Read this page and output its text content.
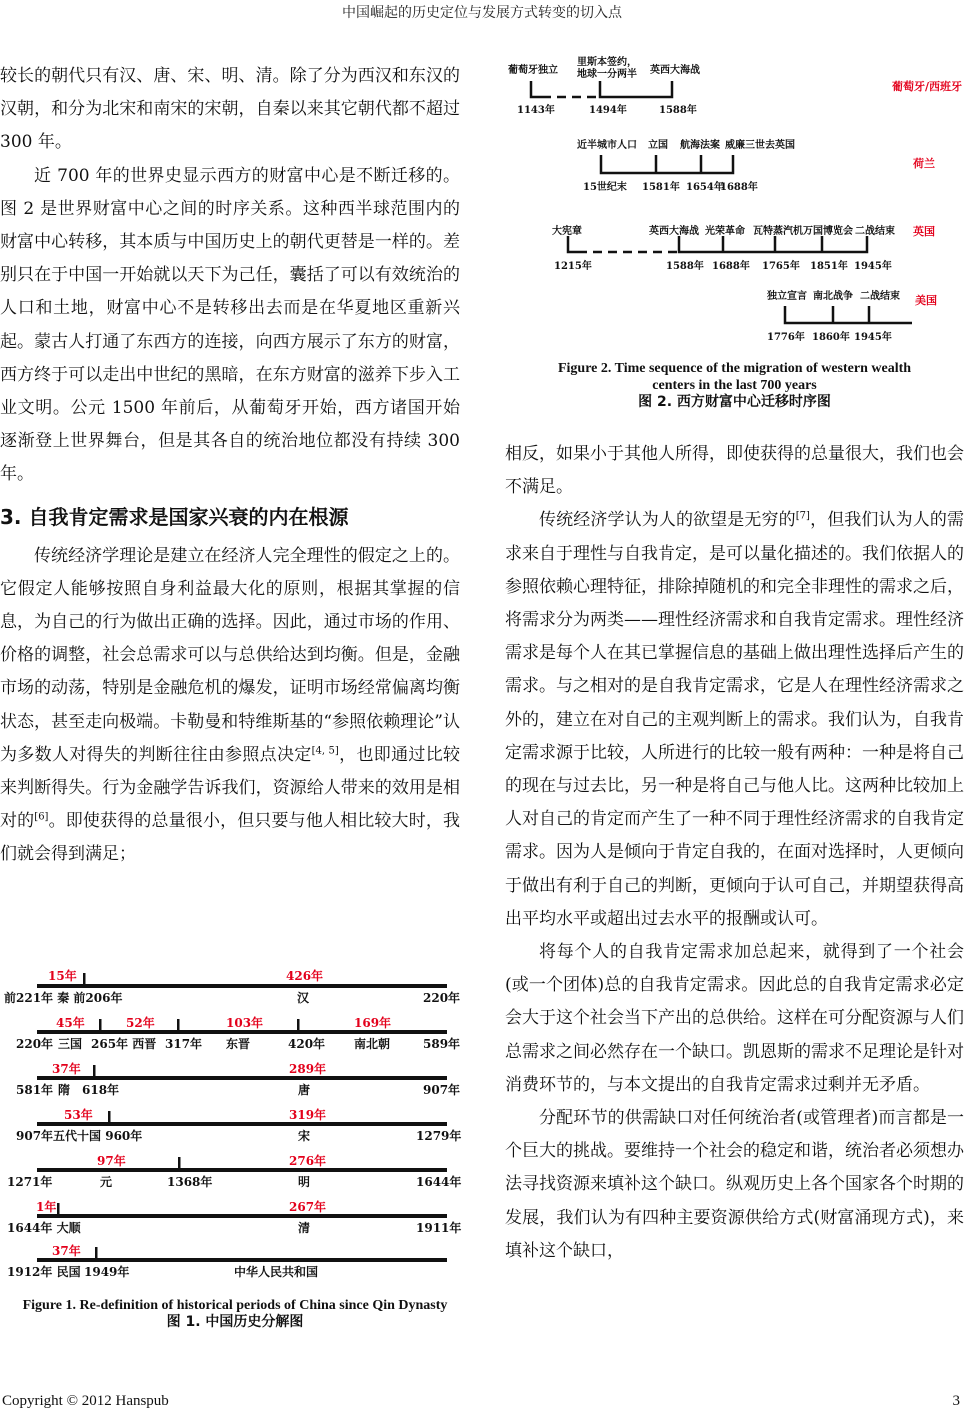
中国崛起的历史定位与发展方式转变的切入点

较长的朝代只有汉、唐、宋、明、清。除了分为西汉和东汉的汉朝，和分为北宋和南宋的宋朝，自秦以来其它朝代都不超过 300 年。

近 700 年的世界史显示西方的财富中心是不断迁移的。图 2 是世界财富中心之间的时序关系。这种西半球范围内的财富中心转移，其本质与中国历史上的朝代更替是一样的。差别只在于中国一开始就以天下为己任，囊括了可以有效统治的人口和土地，财富中心不是转移出去而是在华夏地区重新兴起。蒙古人打通了东西方的连接，向西方展示了东方的财富，西方终于可以走出中世纪的黑暗，在东方财富的滋养下步入工业文明。公元 1500 年前后，从葡萄牙开始，西方诸国开始逐渐登上世界舞台，但是其各自的统治地位都没有持续 300 年。

3. 自我肯定需求是国家兴衰的内在根源

传统经济学理论是建立在经济人完全理性的假定之上的。它假定人能够按照自身利益最大化的原则，根据其掌握的信息，为自己的行为做出正确的选择。因此，通过市场的作用、价格的调整，社会总需求可以与总供给达到均衡。但是，金融市场的动荡，特别是金融危机的爆发，证明市场经常偏离均衡状态，甚至走向极端。卡勒曼和特维斯基的“参照依赖理论”认为多数人对得失的判断往往由参照点决定[4, 5]，也即通过比较来判断得失。行为金融学告诉我们，资源给人带来的效用是相对的[6]。即使获得的总量很小，但只要与他人相比较大时，我们就会得到满足；

15年	426年
前221年 秦 前206年	汉	220年
45年	52年	103年	169年
220年 三国 265年 西晋 317年 东晋	420年 南北朝	589年
37年	289年
581年 隋 618年	唐	907年
53年	319年
907年五代十国 960年	宋	1279年
97年	276年
1271年	元	1368年	明	1644年
1年	267年
1644年 大顺	清	1911年
37年
1912年 民国 1949年	中华人民共和国
Figure 1. Re-definition of historical periods of China since Qin Dynasty
图 1. 中国历史分解图
葡萄牙独立
里斯本签约，
地球一分两半 英西大海战
1143年	1494年	1588年
葡萄牙/西班牙
近半城市人口 立国 航海法案 威廉三世去英国
15世纪末 1581年 1654年
1688年
荷兰
大宪章	英西大海战 光荣革命 瓦特蒸汽机 万国博览会 二战结束
1215年	1588年 1688年 1765年 1851年 1945年
英国
独立宣言 南北战争 二战结束
1776年 1860年 1945年
美国
Figure 2. Time sequence of the migration of western wealth
centers in the last 700 years
图 2. 西方财富中心迁移时序图

相反，如果小于其他人所得，即使获得的总量很大，我们也会不满足。

传统经济学认为人的欲望是无穷的[7]，但我们认为人的需求来自于理性与自我肯定，是可以量化描述的。我们依据人的参照依赖心理特征，排除掉随机的和完全非理性的需求之后，将需求分为两类——理性经济需求和自我肯定需求。理性经济需求是每个人在其已掌握信息的基础上做出理性选择后产生的需求。与之相对的是自我肯定需求，它是人在理性经济需求之外的，建立在对自己的主观判断上的需求。我们认为，自我肯定需求源于比较，人所进行的比较一般有两种：一种是将自己的现在与过去比，另一种是将自己与他人比。这两种比较加上人对自己的肯定而产生了一种不同于理性经济需求的自我肯定需求。因为人是倾向于肯定自我的，在面对选择时，人更倾向于做出有利于自己的判断，更倾向于认可自己，并期望获得高出平均水平或超出过去水平的报酬或认可。

将每个人的自我肯定需求加总起来，就得到了一个社会(或一个团体)总的自我肯定需求。因此总的自我肯定需求必定会大于这个社会当下产出的总供给。这样在可分配资源与人们总需求之间必然存在一个缺口。凯恩斯的需求不足理论是针对消费环节的，与本文提出的自我肯定需求过剩并无矛盾。

分配环节的供需缺口对任何统治者(或管理者)而言都是一个巨大的挑战。要维持一个社会的稳定和谐，统治者必须想办法寻找资源来填补这个缺口。纵观历史上各个国家各个时期的发展，我们认为有四种主要资源供给方式(财富涌现方式)，来填补这个缺口，

Copyright © 2012 Hanspub	3
